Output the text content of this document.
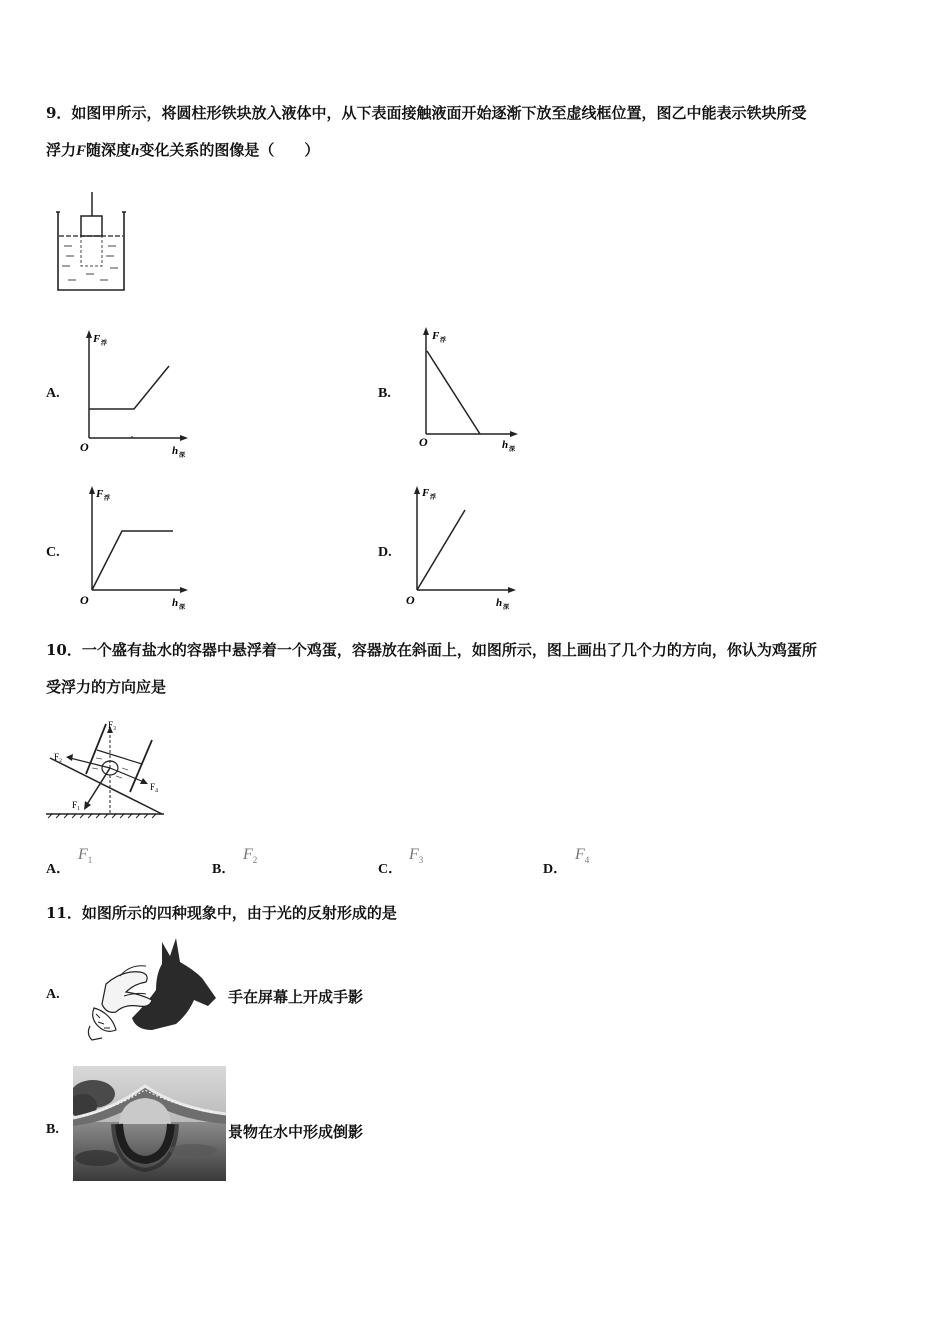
9．如图甲所示，将圆柱形铁块放入液体中，从下表面接触液面开始逐渐下放至虚线框位置，图乙中能表示铁块所受
浮力F随深度h变化关系的图像是（　　）
A.	B.
C.	D.
F 浮
O	h 深
F 浮
O	h 深
F 浮
O	h 深
F 浮
O	h 深
10．一个盛有盐水的容器中悬浮着一个鸡蛋，容器放在斜面上，如图所示，图上画出了几个力的方向，你认为鸡蛋所
受浮力的方向应是
F₃
F₂
F₄
F₁
A．
$F_1$
B．
$F_2$
C．
$F_3$
D．
$F_4$
11．如图所示的四种现象中，由于光的反射形成的是
A.	手在屏幕上开成手影
B.	景物在水中形成倒影
